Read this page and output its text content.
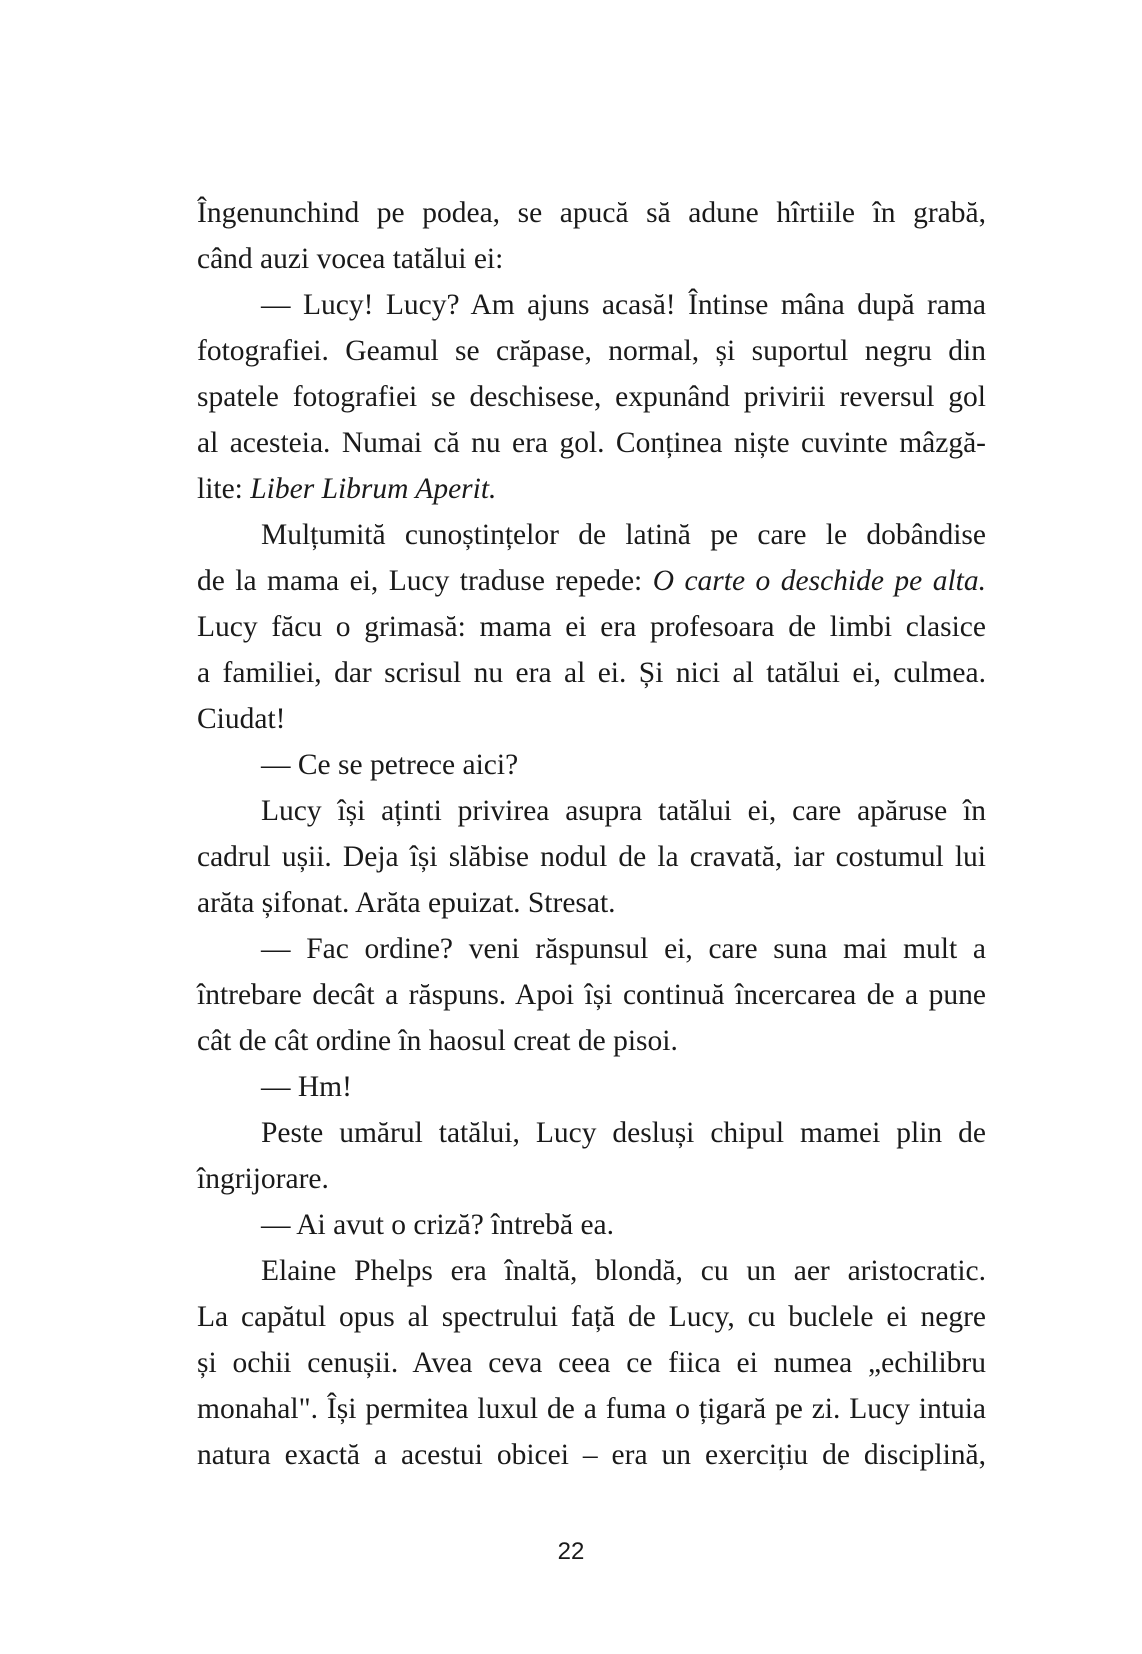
Îngenunchind pe podea, se apucă să adune hîrtiile în grabă,
când auzi vocea tatălui ei:
— Lucy! Lucy? Am ajuns acasă! Întinse mâna după rama
fotografiei. Geamul se crăpase, normal, și suportul negru din
spatele fotografiei se deschisese, expunând privirii reversul gol
al acesteia. Numai că nu era gol. Conținea niște cuvinte mâzgă-
lite: Liber Librum Aperit.
Mulțumită cunoștințelor de latină pe care le dobândise
de la mama ei, Lucy traduse repede: O carte o deschide pe alta.
Lucy făcu o grimasă: mama ei era profesoara de limbi clasice
a familiei, dar scrisul nu era al ei. Și nici al tatălui ei, culmea.
Ciudat!
— Ce se petrece aici?
Lucy își aținti privirea asupra tatălui ei, care apăruse în
cadrul ușii. Deja își slăbise nodul de la cravată, iar costumul lui
arăta șifonat. Arăta epuizat. Stresat.
— Fac ordine? veni răspunsul ei, care suna mai mult a
întrebare decât a răspuns. Apoi își continuă încercarea de a pune
cât de cât ordine în haosul creat de pisoi.
— Hm!
Peste umărul tatălui, Lucy desluși chipul mamei plin de
îngrijorare.
— Ai avut o criză? întrebă ea.
Elaine Phelps era înaltă, blondă, cu un aer aristocratic.
La capătul opus al spectrului față de Lucy, cu buclele ei negre
și ochii cenușii. Avea ceva ceea ce fiica ei numea „echilibru
monahal". Își permitea luxul de a fuma o țigară pe zi. Lucy intuia
natura exactă a acestui obicei – era un exercițiu de disciplină,
22
